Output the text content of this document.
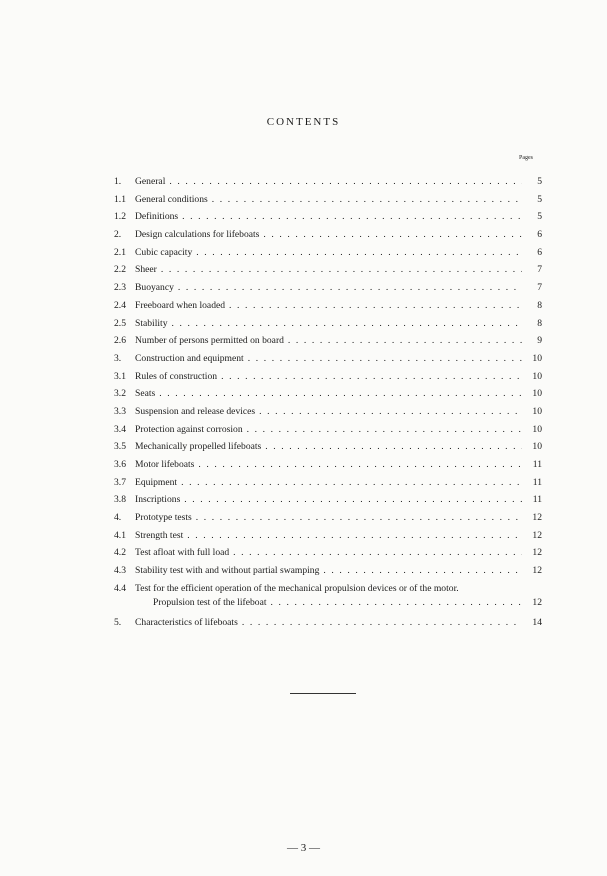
CONTENTS
Pages
1. General . . .	5
1.1 General conditions . . .	5
1.2 Definitions . . .	5
2. Design calculations for lifeboats . . .	6
2.1 Cubic capacity . . .	6
2.2 Sheer . . .	7
2.3 Buoyancy . . .	7
2.4 Freeboard when loaded . . .	8
2.5 Stability . . .	8
2.6 Number of persons permitted on board . . .	9
3. Construction and equipment . . .	10
3.1 Rules of construction . . .	10
3.2 Seats . . .	10
3.3 Suspension and release devices . . .	10
3.4 Protection against corrosion . . .	10
3.5 Mechanically propelled lifeboats . . .	10
3.6 Motor lifeboats . . .	11
3.7 Equipment . . .	11
3.8 Inscriptions . . .	11
4. Prototype tests . . .	12
4.1 Strength test . . .	12
4.2 Test afloat with full load . . .	12
4.3 Stability test with and without partial swamping . . .	12
4.4 Test for the efficient operation of the mechanical propulsion devices or of the motor.
Propulsion test of the lifeboat . . .	12
5. Characteristics of lifeboats . . .	14
— 3 —
